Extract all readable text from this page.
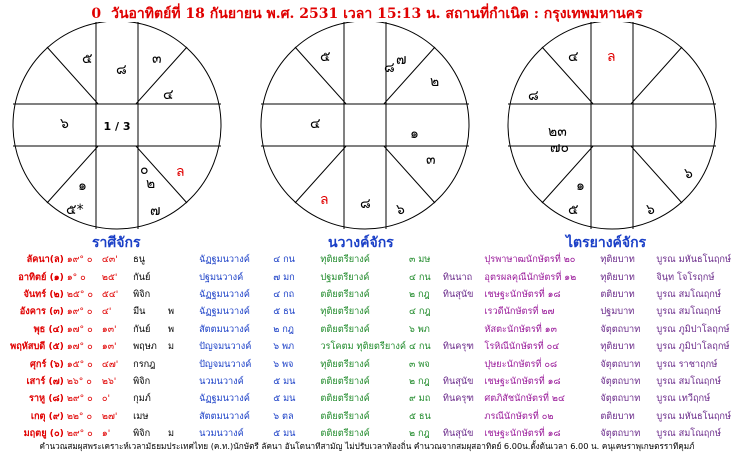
0 วันอาทิตย์ที่ 18 กันยายน พ.ศ. 2531 เวลา 15:13 น. สถานที่กำเนิด : กรุงเทพมหานคร
1 / 3
๕
๘
๓
๔
๖
ล
๐
๒
๗
๑
๕*
๕
๘ ๗
๒
๔
๑
๓
ล ๘ ๖
๔ ล
๘
๒๓
๗๐
๑
๕
๖
๖
ราศีจักร	นวางค์จักร	ไตรยางค์จักร
ลัคนา(ล)	๑๙° ๐	๔๓'	ธนู		ฉัฏฐมนวางค์	๔ กน	ทุติยตรียางค์	๓ มษ		ปุรพาษาฒนักษัตรที่ ๒๐	ทุติยบาท	บูรณ มหันธโนฤกษ์
อาทิตย์ (๑)	๑° ๐	๒๕'	กันย์		ปฐมนวางค์	๗ มก	ปฐมตรียางค์	๔ กน	ทินนาถ	อุตรผลคุณีนักษัตรที่ ๑๒	ทุติยบาท	จินฺท โจโรฤกษ์
จันทร์ (๒)	๒๕° ๐	๕๔'	พิจิก		ฉัฏฐมนวางค์	๔ กถ	ตติยตรียางค์	๒ กฎ	ทินสุนัข	เชษฐะนักษัตรที่ ๑๘	ตติยบาท	บูรณ สมโณฤกษ์
อังคาร (๓)	๑๙° ๐	๔'	มีน	พ	ฉัฏฐมนวางค์	๕ ธน	ทุติยตรียางค์	๔ กฎ		เรวดีนักษัตรที่ ๒๗	ปฐมบาท	บูรณ สมโณฤกษ์
พุธ (๔)	๑๗° ๐	๑๓'	กันย์	พ	สัตตมนวางค์	๒ กฎ	ตติยตรียางค์	๖ พภ		หัสตะนักษัตรที่ ๑๓	จัตุตถบาท	บูรณ ภูมิปาโลฤกษ์
พฤหัสบดี (๕)	๑๗° ๐	๑๓'	พฤษภ	ม	ปัญจมนวางค์	๖ พภ	วรโคตม ทุติยตรียางค์	๔ กน	ทินครุฑ	โรหิณีนักษัตรที่ ๐๔	ทุติยบาท	บูรณ ภูมิปาโลฤกษ์
ศุกร์ (๖)	๑๕° ๐	๔๗'	กรกฎ		ปัญจมนวางค์	๖ พจ	ทุติยตรียางค์	๓ พจ		ปุษยะนักษัตรที่ ๐๘	จัตุตถบาท	บูรณ ราชาฤกษ์
เสาร์ (๗)	๒๖° ๐	๒๖'	พิจิก		นวมนวางค์	๕ มน	ตติยตรียางค์	๒ กฎ	ทินสุนัข	เชษฐะนักษัตรที่ ๑๘	จัตุตถบาท	บูรณ สมโณฤกษ์
ราหู (๘)	๒๙° ๐	๐'	กุมภ์		ฉัฏฐมนวางค์	๕ มน	ตติยตรียางค์	๙ มถ	ทินครุฑ	ศตภิสัชนักษัตรที่ ๒๔	จัตุตถบาท	บูรณ เทวีฤกษ์
เกตุ (๙)	๒๒° ๐	๒๗'	เมษ		สัตตมนวางค์	๖ ตล	ตติยตรียางค์	๕ ธน		ภรณีนักษัตรที่ ๐๒	ตติยบาท	บูรณ มหันธโนฤกษ์
มฤตยู (๐)	๒๙° ๐	๑'	พิจิก	ม	นวมนวางค์	๕ มน	ตติยตรียางค์	๒ กฎ	ทินสุนัข	เชษฐะนักษัตรที่ ๑๘	จัตุตถบาท	บูรณ สมโณฤกษ์
คำนวณสมผุสพระเคราะห์เวลามัธยมประเทศไทย (ค.ท.)นักษัตรี ลัคนา อันโตนาทีสามัญ ไม่ปรับเวลาท้องถิ่น คำนวณจากสมผุสอาทิตย์ 6.00น.ตั้งต้นเวลา 6.00 น. คนุเคษราพุเกษตรราทีคุมภ์
